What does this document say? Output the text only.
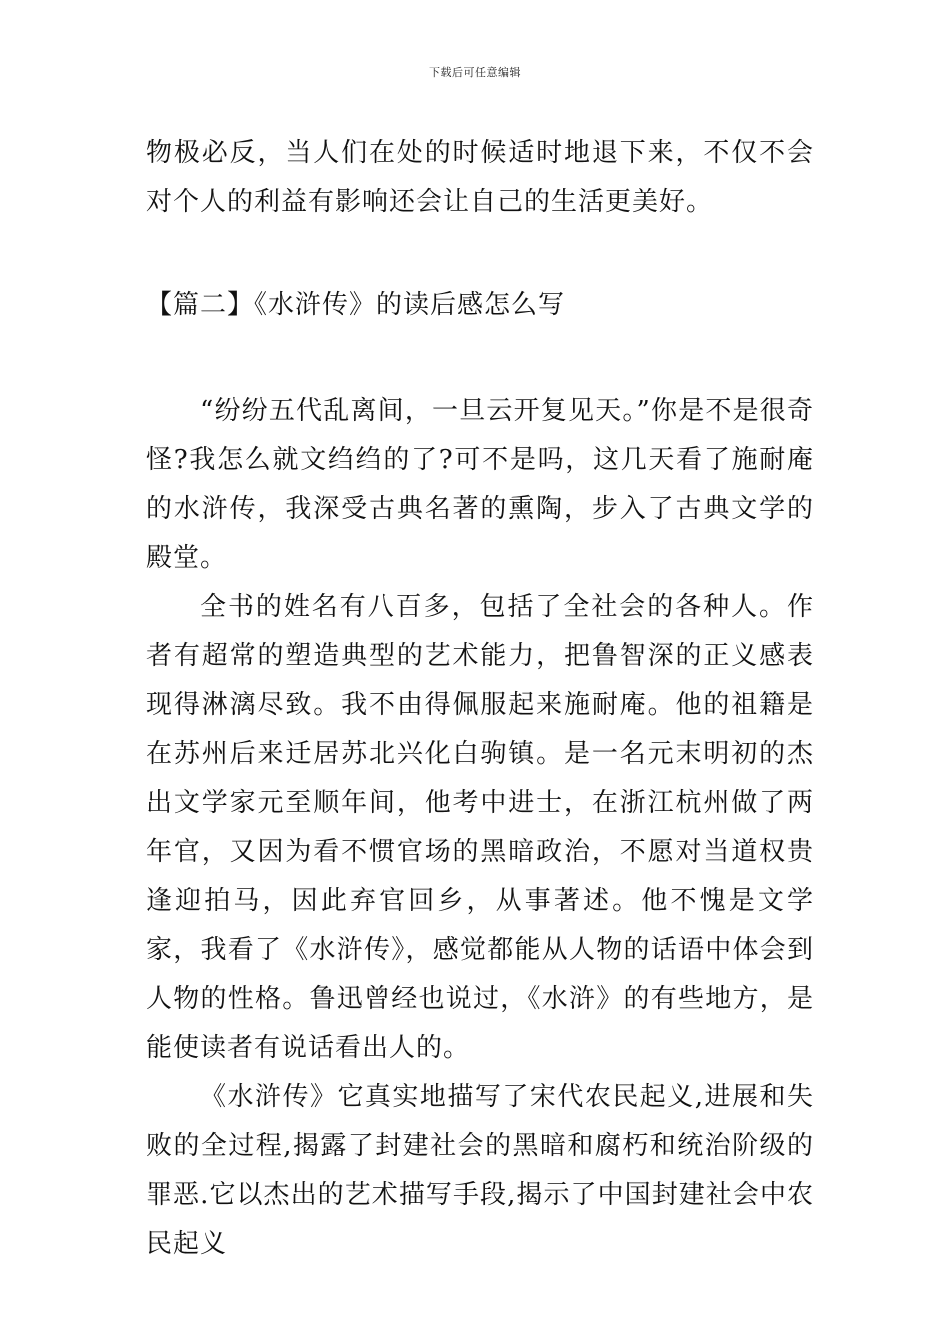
下载后可任意编辑

物极必反，当人们在处的时候适时地退下来，不仅不会对个人的利益有影响还会让自己的生活更美好。

【篇二】《水浒传》的读后感怎么写

“纷纷五代乱离间，一旦云开复见天。”你是不是很奇怪?我怎么就文绉绉的了?可不是吗，这几天看了施耐庵的水浒传，我深受古典名著的熏陶，步入了古典文学的殿堂。

全书的姓名有八百多，包括了全社会的各种人。作者有超常的塑造典型的艺术能力，把鲁智深的正义感表现得淋漓尽致。我不由得佩服起来施耐庵。他的祖籍是在苏州后来迁居苏北兴化白驹镇。是一名元末明初的杰出文学家元至顺年间，他考中进士，在浙江杭州做了两年官，又因为看不惯官场的黑暗政治，不愿对当道权贵逢迎拍马，因此弃官回乡，从事著述。他不愧是文学家，我看了《水浒传》，感觉都能从人物的话语中体会到人物的性格。鲁迅曾经也说过，《水浒》的有些地方，是能使读者有说话看出人的。

《水浒传》它真实地描写了宋代农民起义,进展和失败的全过程,揭露了封建社会的黑暗和腐朽和统治阶级的罪恶.它以杰出的艺术描写手段,揭示了中国封建社会中农民起义
